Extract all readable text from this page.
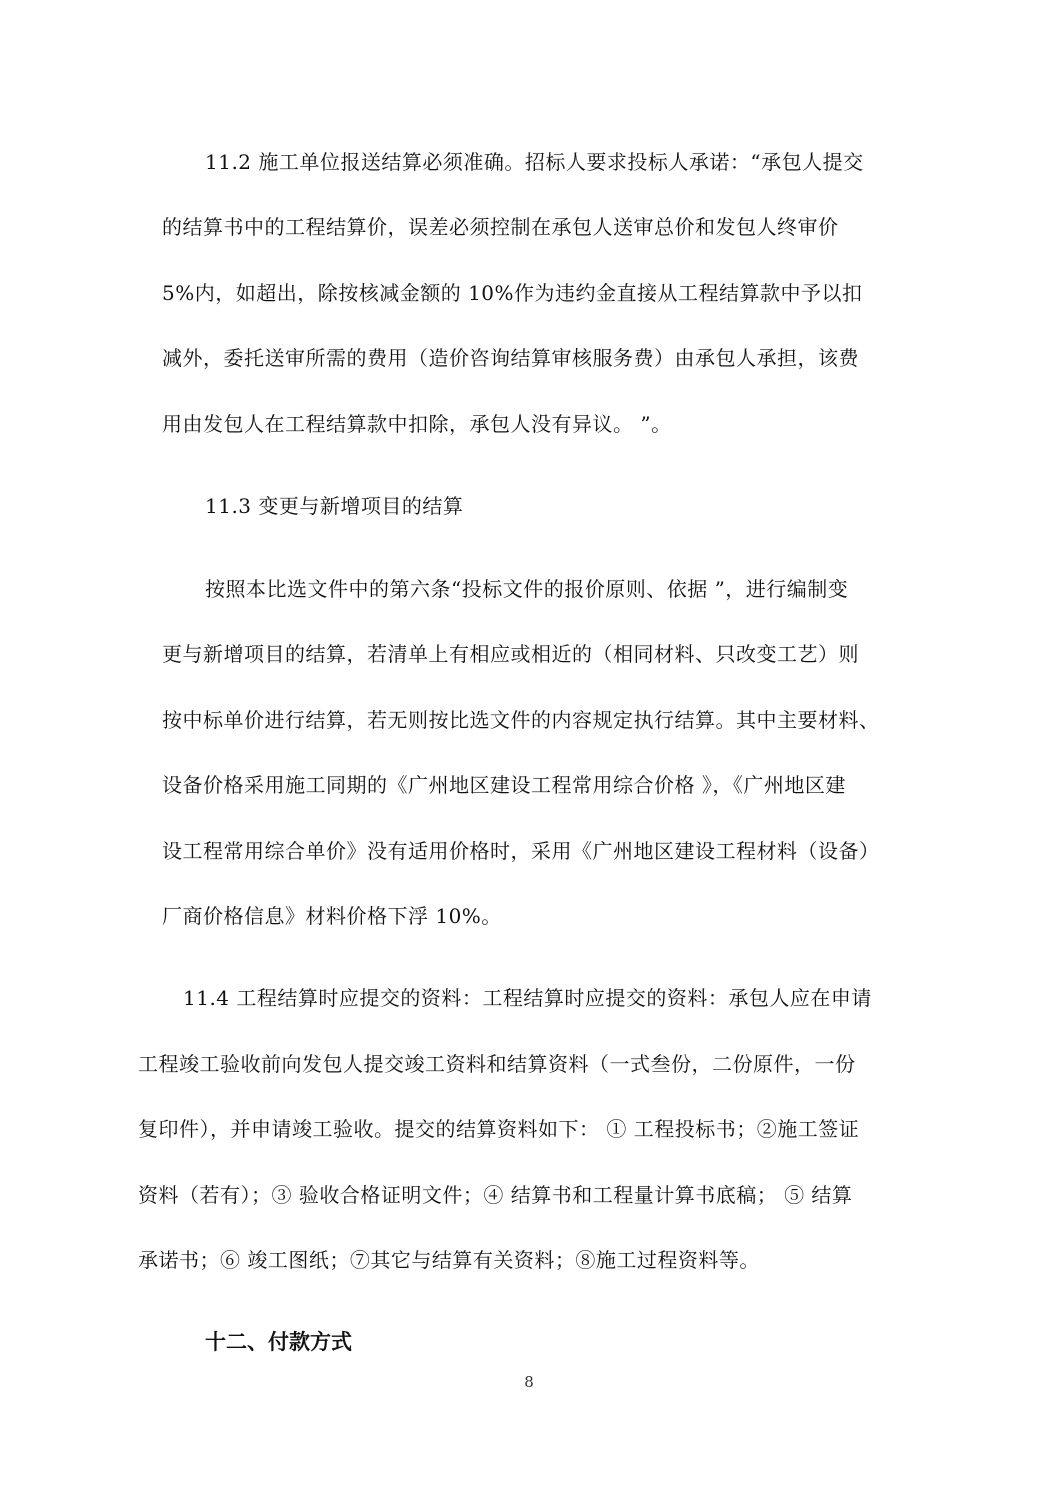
11.2 施工单位报送结算必须准确。招标人要求投标人承诺：“承包人提交
的结算书中的工程结算价，误差必须控制在承包人送审总价和发包人终审价
5%内，如超出，除按核减金额的 10%作为违约金直接从工程结算款中予以扣
减外，委托送审所需的费用（造价咨询结算审核服务费）由承包人承担，该费
用由发包人在工程结算款中扣除，承包人没有异议。 ”。
11.3 变更与新增项目的结算
按照本比选文件中的第六条“投标文件的报价原则、依据 ”，进行编制变
更与新增项目的结算，若清单上有相应或相近的（相同材料、只改变工艺）则
按中标单价进行结算，若无则按比选文件的内容规定执行结算。其中主要材料、
设备价格采用施工同期的《广州地区建设工程常用综合价格 》，《广州地区建
设工程常用综合单价》没有适用价格时，采用《广州地区建设工程材料（设备）
厂商价格信息》材料价格下浮 10%。
11.4 工程结算时应提交的资料：工程结算时应提交的资料：承包人应在申请
工程竣工验收前向发包人提交竣工资料和结算资料（一式叁份，二份原件，一份
复印件），并申请竣工验收。提交的结算资料如下： ① 工程投标书；②施工签证
资料（若有）；③ 验收合格证明文件；④ 结算书和工程量计算书底稿； ⑤ 结算
承诺书；⑥ 竣工图纸；⑦其它与结算有关资料；⑧施工过程资料等。
十二、付款方式
8
